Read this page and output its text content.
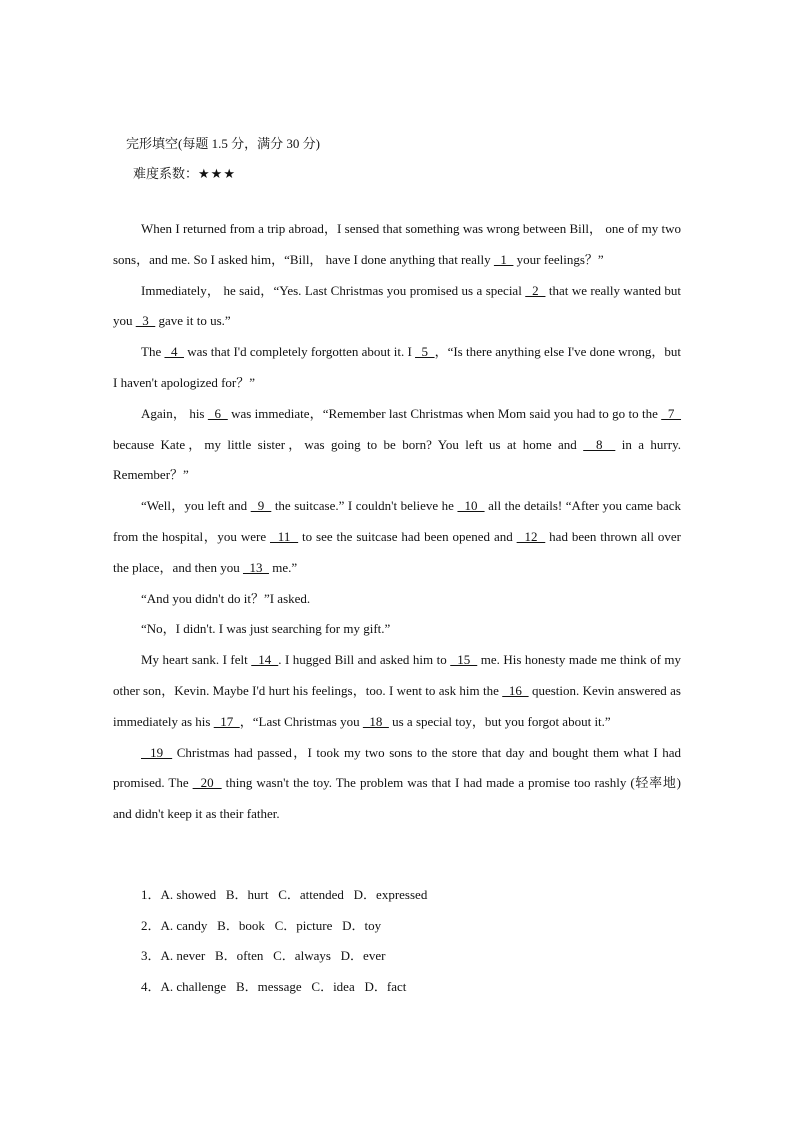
完形填空(每题 1.5 分，满分 30 分)
难度系数：★★★

When I returned from a trip abroad，I sensed that something was wrong between Bill， one of my two sons，and me. So I asked him，“Bill， have I done anything that really   1   your feelings？”

Immediately， he said，“Yes. Last Christmas you promised us a special   2   that we really wanted but you   3   gave it to us.”

The   4   was that I'd completely forgotten about it. I   5  ，“Is there anything else I've done wrong，but I haven't apologized for？”

Again， his   6   was immediate，“Remember last Christmas when Mom said you had to go to the   7   because Kate，my little sister，was going to be born? You left us at home and   8   in a hurry. Remember？”

“Well，you left and   9   the suitcase.” I couldn't believe he   10   all the details! “After you came back from the hospital，you were   11   to see the suitcase had been opened and   12   had been thrown all over the place，and then you   13   me.”

“And you didn't do it？”I asked.

“No，I didn't. I was just searching for my gift.”

My heart sank. I felt   14  . I hugged Bill and asked him to   15   me. His honesty made me think of my other son，Kevin. Maybe I'd hurt his feelings，too. I went to ask him the   16   question. Kevin answered as immediately as his   17  ，“Last Christmas you   18   us a special toy，but you forgot about it.”

19   Christmas had passed，I took my two sons to the store that day and bought them what I had promised. The   20   thing wasn't the toy. The problem was that I had made a promise too rashly (轻率地) and didn't keep it as their father.

1．A. showed   B．hurt   C．attended   D．expressed
2．A. candy   B．book   C．picture   D．toy
3．A. never   B．often   C．always   D．ever
4．A. challenge   B．message   C．idea   D．fact
